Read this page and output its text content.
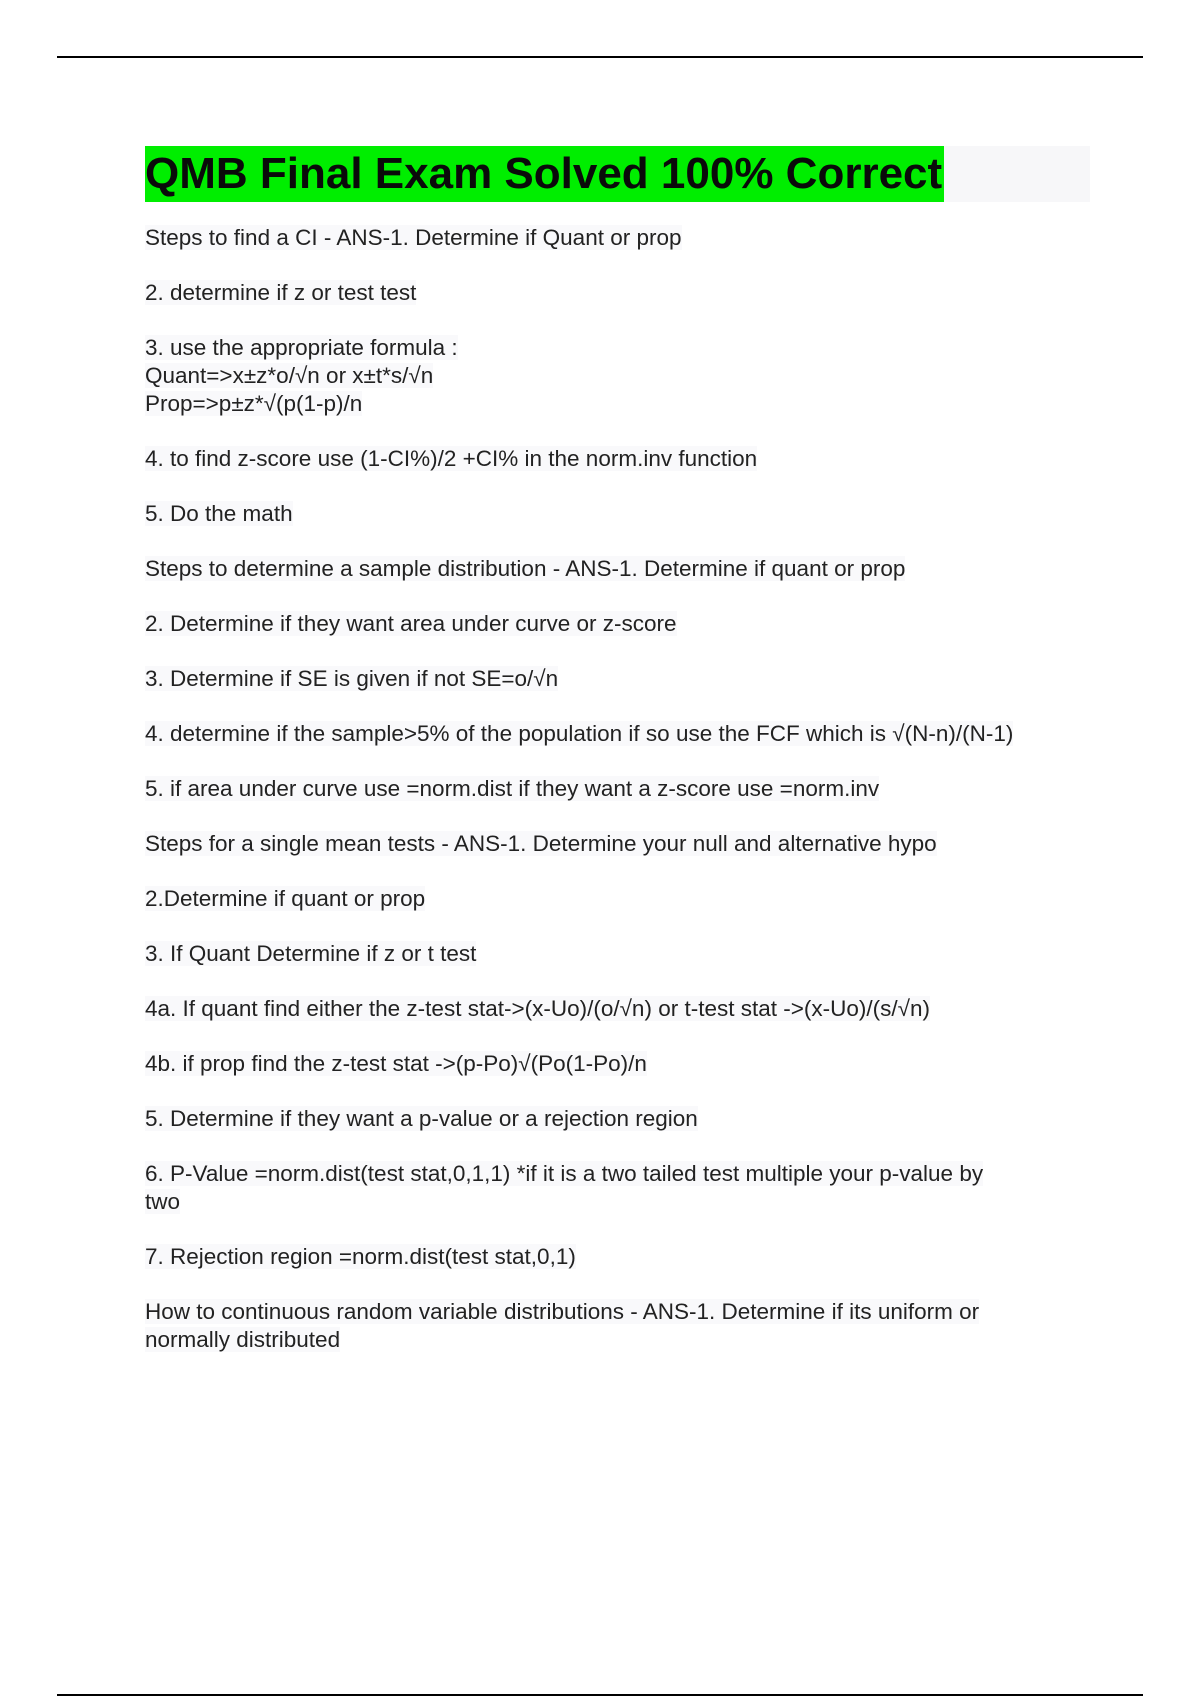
QMB Final Exam Solved 100% Correct

Steps to find a CI - ANS-1. Determine if Quant or prop

2. determine if z or test test

3. use the appropriate formula :
Quant=>x±z*o/√n or x±t*s/√n
Prop=>p±z*√(p(1-p)/n

4. to find z-score use (1-CI%)/2 +CI% in the norm.inv function

5. Do the math

Steps to determine a sample distribution - ANS-1. Determine if quant or prop

2. Determine if they want area under curve or z-score

3. Determine if SE is given if not SE=o/√n

4. determine if the sample>5% of the population if so use the FCF which is √(N-n)/(N-1)

5. if area under curve use =norm.dist if they want a z-score use =norm.inv

Steps for a single mean tests - ANS-1. Determine your null and alternative hypo

2.Determine if quant or prop

3. If Quant Determine if z or t test

4a. If quant find either the z-test stat->(x-Uo)/(o/√n) or t-test stat ->(x-Uo)/(s/√n)

4b. if prop find the z-test stat ->(p-Po)√(Po(1-Po)/n

5. Determine if they want a p-value or a rejection region

6. P-Value =norm.dist(test stat,0,1,1) *if it is a two tailed test multiple your p-value by
two

7. Rejection region =norm.dist(test stat,0,1)

How to continuous random variable distributions - ANS-1. Determine if its uniform or
normally distributed
